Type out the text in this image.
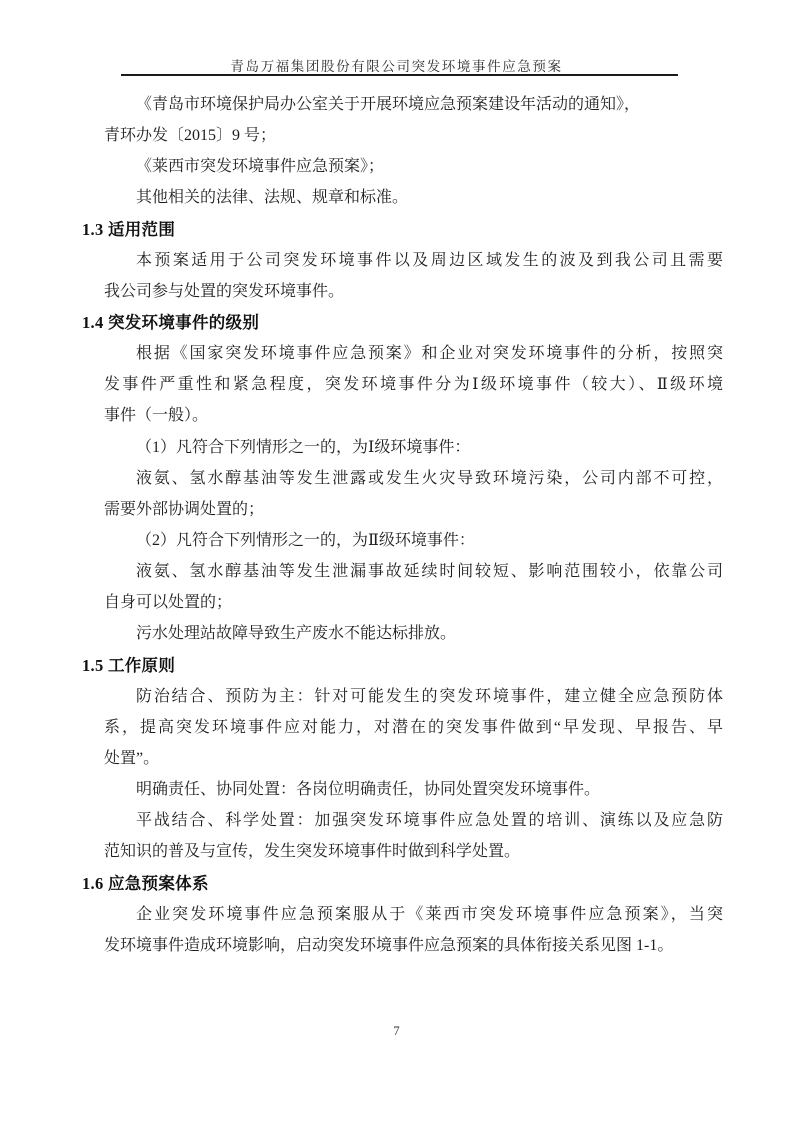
青岛万福集团股份有限公司突发环境事件应急预案
《青岛市环境保护局办公室关于开展环境应急预案建设年活动的通知》，
青环办发〔2015〕9 号；
《莱西市突发环境事件应急预案》；
其他相关的法律、法规、规章和标准。
1.3 适用范围
本预案适用于公司突发环境事件以及周边区域发生的波及到我公司且需要
我公司参与处置的突发环境事件。
1.4 突发环境事件的级别
根据《国家突发环境事件应急预案》和企业对突发环境事件的分析，按照突
发事件严重性和紧急程度，突发环境事件分为Ⅰ级环境事件（较大）、Ⅱ级环境
事件（一般）。
（1）凡符合下列情形之一的，为Ⅰ级环境事件：
液氨、氢水醇基油等发生泄露或发生火灾导致环境污染，公司内部不可控，
需要外部协调处置的；
（2）凡符合下列情形之一的，为Ⅱ级环境事件：
液氨、氢水醇基油等发生泄漏事故延续时间较短、影响范围较小，依靠公司
自身可以处置的；
污水处理站故障导致生产废水不能达标排放。
1.5 工作原则
防治结合、预防为主：针对可能发生的突发环境事件，建立健全应急预防体
系，提高突发环境事件应对能力，对潜在的突发事件做到“早发现、早报告、早
处置”。
明确责任、协同处置：各岗位明确责任，协同处置突发环境事件。
平战结合、科学处置：加强突发环境事件应急处置的培训、演练以及应急防
范知识的普及与宣传，发生突发环境事件时做到科学处置。
1.6 应急预案体系
企业突发环境事件应急预案服从于《莱西市突发环境事件应急预案》，当突
发环境事件造成环境影响，启动突发环境事件应急预案的具体衔接关系见图 1-1。
7
